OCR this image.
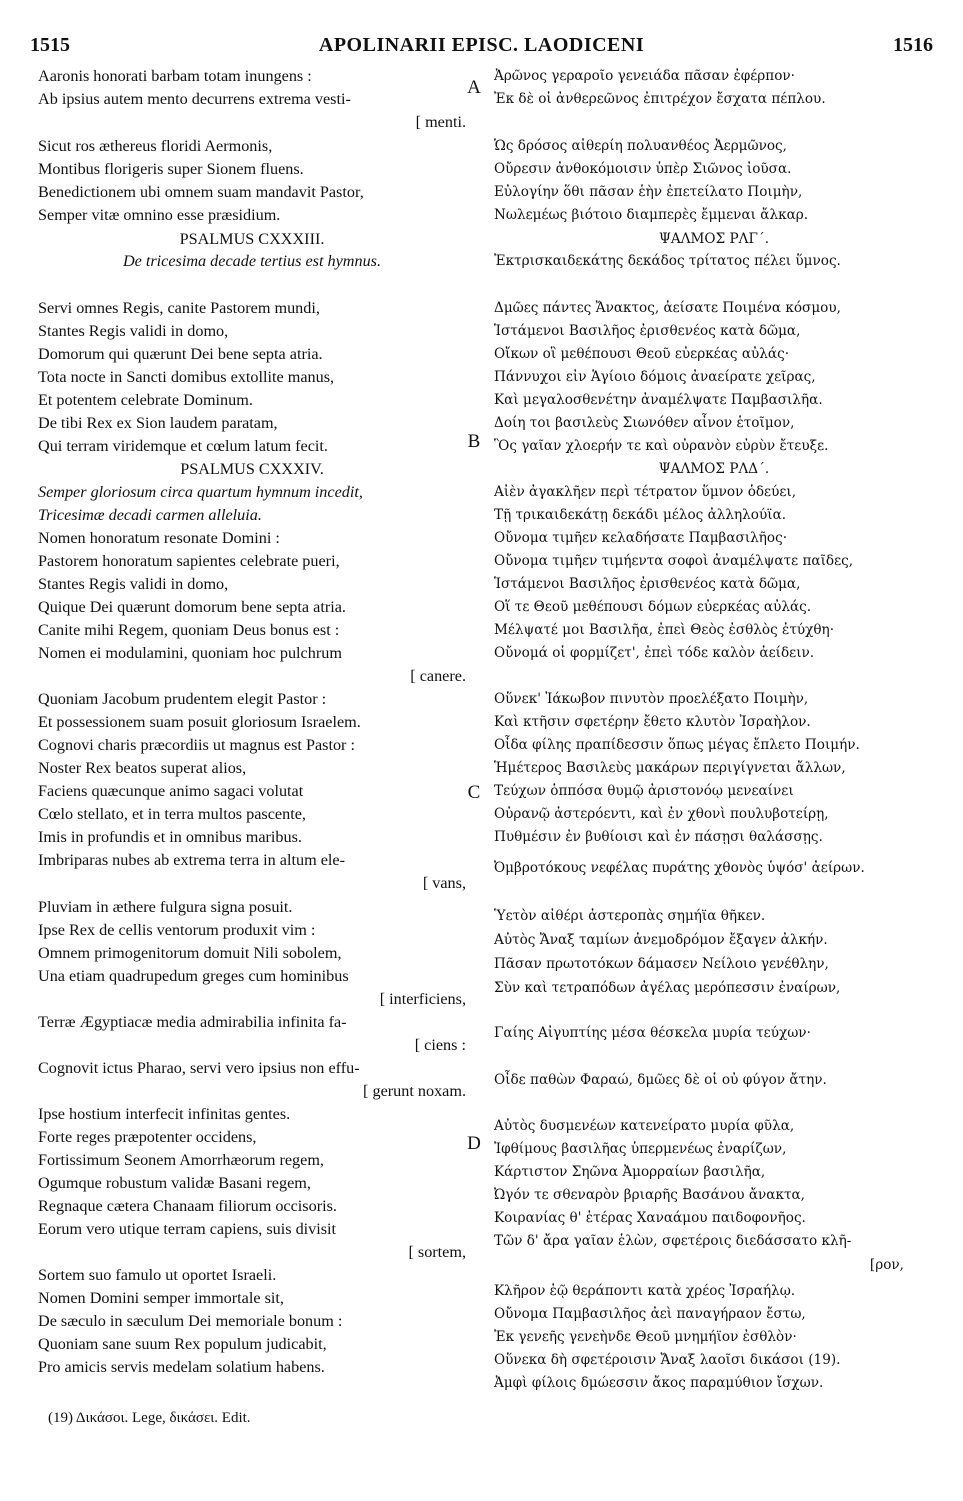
1515	APOLINARII EPISC. LAODICENI	1516
A
B
C
D
Aaronis honorati barbam totam inungens :
Ab ipsius autem mento decurrens extrema vesti-
[ menti.
Sicut ros æthereus floridi Aermonis,
Montibus florigeris super Sionem fluens.
Benedictionem ubi omnem suam mandavit Pastor,
Semper vitæ omnino esse præsidium.
PSALMUS CXXXIII.
De tricesima decade tertius est hymnus.
Servi omnes Regis, canite Pastorem mundi,
Stantes Regis validi in domo,
Domorum qui quærunt Dei bene septa atria.
Tota nocte in Sancti domibus extollite manus,
Et potentem celebrate Dominum.
De tibi Rex ex Sion laudem paratam,
Qui terram viridemque et cœlum latum fecit.
PSALMUS CXXXIV.
Semper gloriosum circa quartum hymnum incedit,
Tricesimæ decadi carmen alleluia.
Nomen honoratum resonate Domini :
Pastorem honoratum sapientes celebrate pueri,
Stantes Regis validi in domo,
Quique Dei quærunt domorum bene septa atria.
Canite mihi Regem, quoniam Deus bonus est :
Nomen ei modulamini, quoniam hoc pulchrum
[ canere.
Quoniam Jacobum prudentem elegit Pastor :
Et possessionem suam posuit gloriosum Israelem.
Cognovi charis præcordiis ut magnus est Pastor :
Noster Rex beatos superat alios,
Faciens quæcunque animo sagaci volutat
Cœlo stellato, et in terra multos pascente,
Imis in profundis et in omnibus maribus.
Imbriparas nubes ab extrema terra in altum ele-
[ vans,
Pluviam in æthere fulgura signa posuit.
Ipse Rex de cellis ventorum produxit vim :
Omnem primogenitorum domuit Nili sobolem,
Una etiam quadrupedum greges cum hominibus
[ interficiens,
Terræ Ægyptiacæ media admirabilia infinita fa-
[ ciens :
Cognovit ictus Pharao, servi vero ipsius non effu-
[ gerunt noxam.
Ipse hostium interfecit infinitas gentes.
Forte reges præpotenter occidens,
Fortissimum Seonem Amorrhæorum regem,
Ogumque robustum validæ Basani regem,
Regnaque cætera Chanaam filiorum occisoris.
Eorum vero utique terram capiens, suis divisit
[ sortem,
Sortem suo famulo ut oportet Israeli.
Nomen Domini semper immortale sit,
De sæculo in sæculum Dei memoriale bonum :
Quoniam sane suum Rex populum judicabit,
Pro amicis servis medelam solatium habens.
Ἀρῶνος γεραροῖο γενειάδα πᾶσαν ἐφέρπον·
Ἐκ δὲ οἱ ἀνθερεῶνος ἐπιτρέχον ἔσχατα πέπλου.
Ὡς δρόσος αἰθερίη πολυανθέος Ἀερμῶνος,
Οὔρεσιν ἀνθοκόμοισιν ὑπὲρ Σιῶνος ἰοῦσα.
Εὐλογίην ὅθι πᾶσαν ἑὴν ἐπετείλατο Ποιμὴν,
Νωλεμέως βιότοιο διαμπερὲς ἔμμεναι ἄλκαρ.
ΨΑΛΜΟΣ ΡΛΓ΄.
Ἐκτρισκαιδεκάτης δεκάδος τρίτατος πέλει ὕμνος.
Δμῶες πάντες Ἄνακτος, ἀείσατε Ποιμένα κόσμου,
Ἱστάμενοι Βασιλῆος ἐρισθενέος κατὰ δῶμα,
Οἴκων οἳ μεθέπουσι Θεοῦ εὐερκέας αὐλάς·
Πάννυχοι εἰν Ἁγίοιο δόμοις ἀναείρατε χεῖρας,
Καὶ μεγαλοσθενέτην ἀναμέλψατε Παμβασιλῆα.
Δοίη τοι βασιλεὺς Σιωνόθεν αἶνον ἑτοῖμον,
Ὃς γαῖαν χλοερήν τε καὶ οὐρανὸν εὐρὺν ἔτευξε.
ΨΑΛΜΟΣ ΡΛΔ΄.
Αἰὲν ἀγακλῆεν περὶ τέτρατον ὕμνον ὁδεύει,
Τῇ τρικαιδεκάτῃ δεκάδι μέλος ἀλληλούϊα.
Οὔνομα τιμῆεν κελαδήσατε Παμβασιλῆος·
Οὔνομα τιμῆεν τιμήεντα σοφοὶ ἀναμέλψατε παῖδες,
Ἱστάμενοι Βασιλῆος ἐρισθενέος κατὰ δῶμα,
Οἵ τε Θεοῦ μεθέπουσι δόμων εὐερκέας αὐλάς.
Μέλψατέ μοι Βασιλῆα, ἐπεὶ Θεὸς ἐσθλὸς ἐτύχθη·
Οὔνομά οἱ φορμίζετ', ἐπεὶ τόδε καλὸν ἀείδειν.
Οὕνεκ' Ἰάκωβον πινυτὸν προελέξατο Ποιμὴν,
Καὶ κτῆσιν σφετέρην ἔθετο κλυτὸν Ἰσραὴλον.
Οἶδα φίλης πραπίδεσσιν ὅπως μέγας ἔπλετο Ποιμήν.
Ἡμέτερος Βασιλεὺς μακάρων περιγίγνεται ἄλλων,
Τεύχων ὁππόσα θυμῷ ἀριστονόῳ μενεαίνει
Οὐρανῷ ἀστερόεντι, καὶ ἐν χθονὶ πουλυβοτείρῃ,
Πυθμέσιν ἐν βυθίοισι καὶ ἐν πάσῃσι θαλάσσῃς.
Ὀμβροτόκους νεφέλας πυράτης χθονὸς ὑψόσ' ἀείρων.
Ὑετὸν αἰθέρι ἀστεροπὰς σημήϊα θῆκεν.
Αὐτὸς Ἄναξ ταμίων ἀνεμοδρόμον ἔξαγεν ἀλκήν.
Πᾶσαν πρωτοτόκων δάμασεν Νείλοιο γενέθλην,
Σὺν καὶ τετραπόδων ἀγέλας μερόπεσσιν ἐναίρων,
Γαίης Αἰγυπτίης μέσα θέσκελα μυρία τεύχων·
Οἶδε παθὼν Φαραώ, δμῶες δὲ οἱ οὐ φύγον ἄτην.
Αὐτὸς δυσμενέων κατενείρατο μυρία φῦλα,
Ἰφθίμους βασιλῆας ὑπερμενέως ἐναρίζων,
Κάρτιστον Σηῶνα Ἀμορραίων βασιλῆα,
Ὠγόν τε σθεναρὸν βριαρῆς Βασάνου ἄνακτα,
Κοιρανίας θ' ἑτέρας Χαναάμου παιδοφονῆος.
Τῶν δ' ἄρα γαῖαν ἑλὼν, σφετέροις διεδάσσατο κλῆ-
[ρον,
Κλῆρον ἑῷ θεράποντι κατὰ χρέος Ἰσραήλῳ.
Οὔνομα Παμβασιλῆος ἀεὶ παναγήραον ἔστω,
Ἐκ γενεῆς γενεὴνδε Θεοῦ μνημήϊον ἐσθλὸν·
Οὕνεκα δὴ σφετέροισιν Ἄναξ λαοῖσι δικάσοι (19).
Ἀμφὶ φίλοις δμώεσσιν ἄκος παραμύθιον ἴσχων.
(19) Δικάσοι. Lege, δικάσει. Edit.
